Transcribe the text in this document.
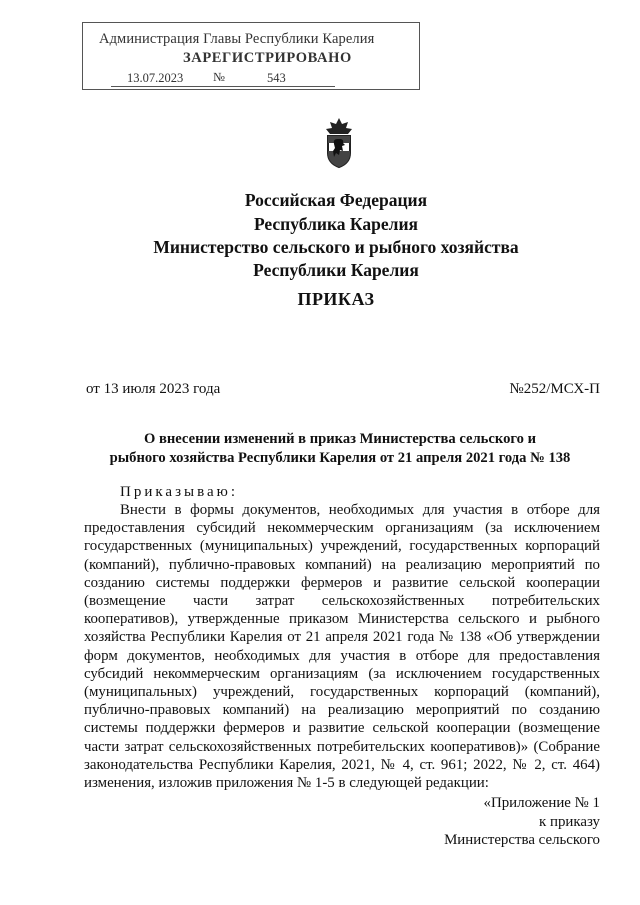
Администрация Главы Республики Карелия
ЗАРЕГИСТРИРОВАНО
13.07.2023 №	543
Российская Федерация
Республика Карелия
Министерство сельского и рыбного хозяйства
Республики Карелия
ПРИКАЗ
от 13 июля 2023 года	№252/МСХ-П
О внесении изменений в приказ Министерства сельского и
рыбного хозяйства Республики Карелия от 21 апреля 2021 года № 138
Приказываю:

Внести в формы документов, необходимых для участия в отборе для предоставления субсидий некоммерческим организациям (за исключением государственных (муниципальных) учреждений, государственных корпораций (компаний), публично-правовых компаний) на реализацию мероприятий по созданию системы поддержки фермеров и развитие сельской кооперации (возмещение части затрат сельскохозяйственных потребительских кооперативов), утвержденные приказом Министерства сельского и рыбного хозяйства Республики Карелия от 21 апреля 2021 года № 138 «Об утверждении форм документов, необходимых для участия в отборе для предоставления субсидий некоммерческим организациям (за исключением государственных (муниципальных) учреждений, государственных корпораций (компаний), публично-правовых компаний) на реализацию мероприятий по созданию системы поддержки фермеров и развитие сельской кооперации (возмещение части затрат сельскохозяйственных потребительских кооперативов)» (Собрание законодательства Республики Карелия, 2021, № 4, ст. 961; 2022, № 2, ст. 464) изменения, изложив приложения № 1-5 в следующей редакции:

«Приложение № 1
к приказу
Министерства сельского
